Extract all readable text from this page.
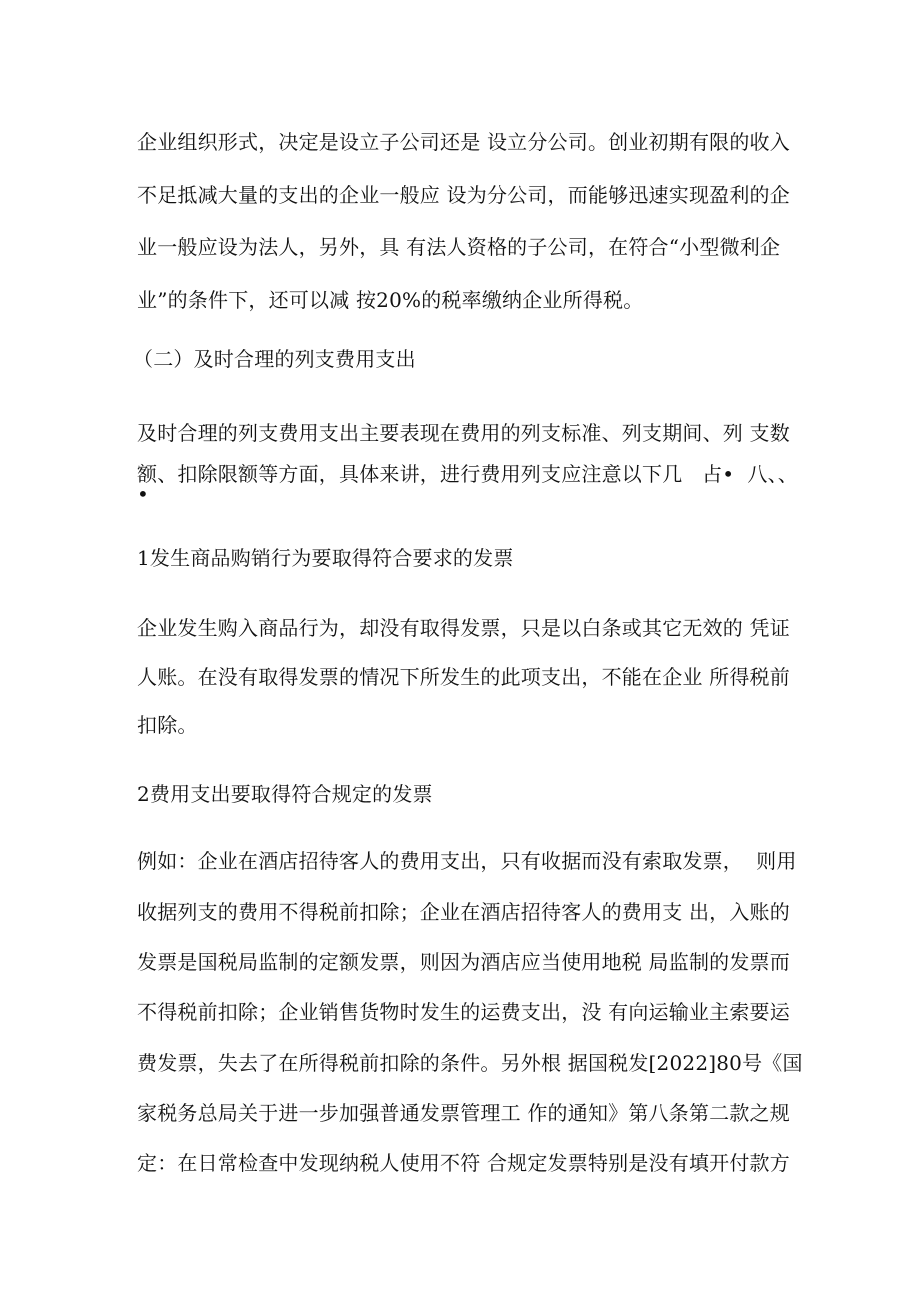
企业组织形式，决定是设立子公司还是 设立分公司。创业初期有限的收入
不足抵减大量的支出的企业一般应 设为分公司，而能够迅速实现盈利的企
业一般应设为法人，另外，具 有法人资格的子公司，在符合“小型微利企
业”的条件下，还可以减 按20%的税率缴纳企业所得税。
（二）及时合理的列支费用支出
及时合理的列支费用支出主要表现在费用的列支标准、列支期间、列 支数
额、扣除限额等方面，具体来讲，进行费用列支应注意以下几   占•  八、、
•
1发生商品购销行为要取得符合要求的发票
企业发生购入商品行为，却没有取得发票，只是以白条或其它无效的 凭证
人账。在没有取得发票的情况下所发生的此项支出，不能在企业 所得税前
扣除。
2费用支出要取得符合规定的发票
例如：企业在酒店招待客人的费用支出，只有收据而没有索取发票，  则用
收据列支的费用不得税前扣除；企业在酒店招待客人的费用支 出，入账的
发票是国税局监制的定额发票，则因为酒店应当使用地税 局监制的发票而
不得税前扣除；企业销售货物时发生的运费支出，没 有向运输业主索要运
费发票，失去了在所得税前扣除的条件。另外根 据国税发[2022]80号《国
家税务总局关于进一步加强普通发票管理工 作的通知》第八条第二款之规
定：在日常检查中发现纳税人使用不符 合规定发票特别是没有填开付款方
